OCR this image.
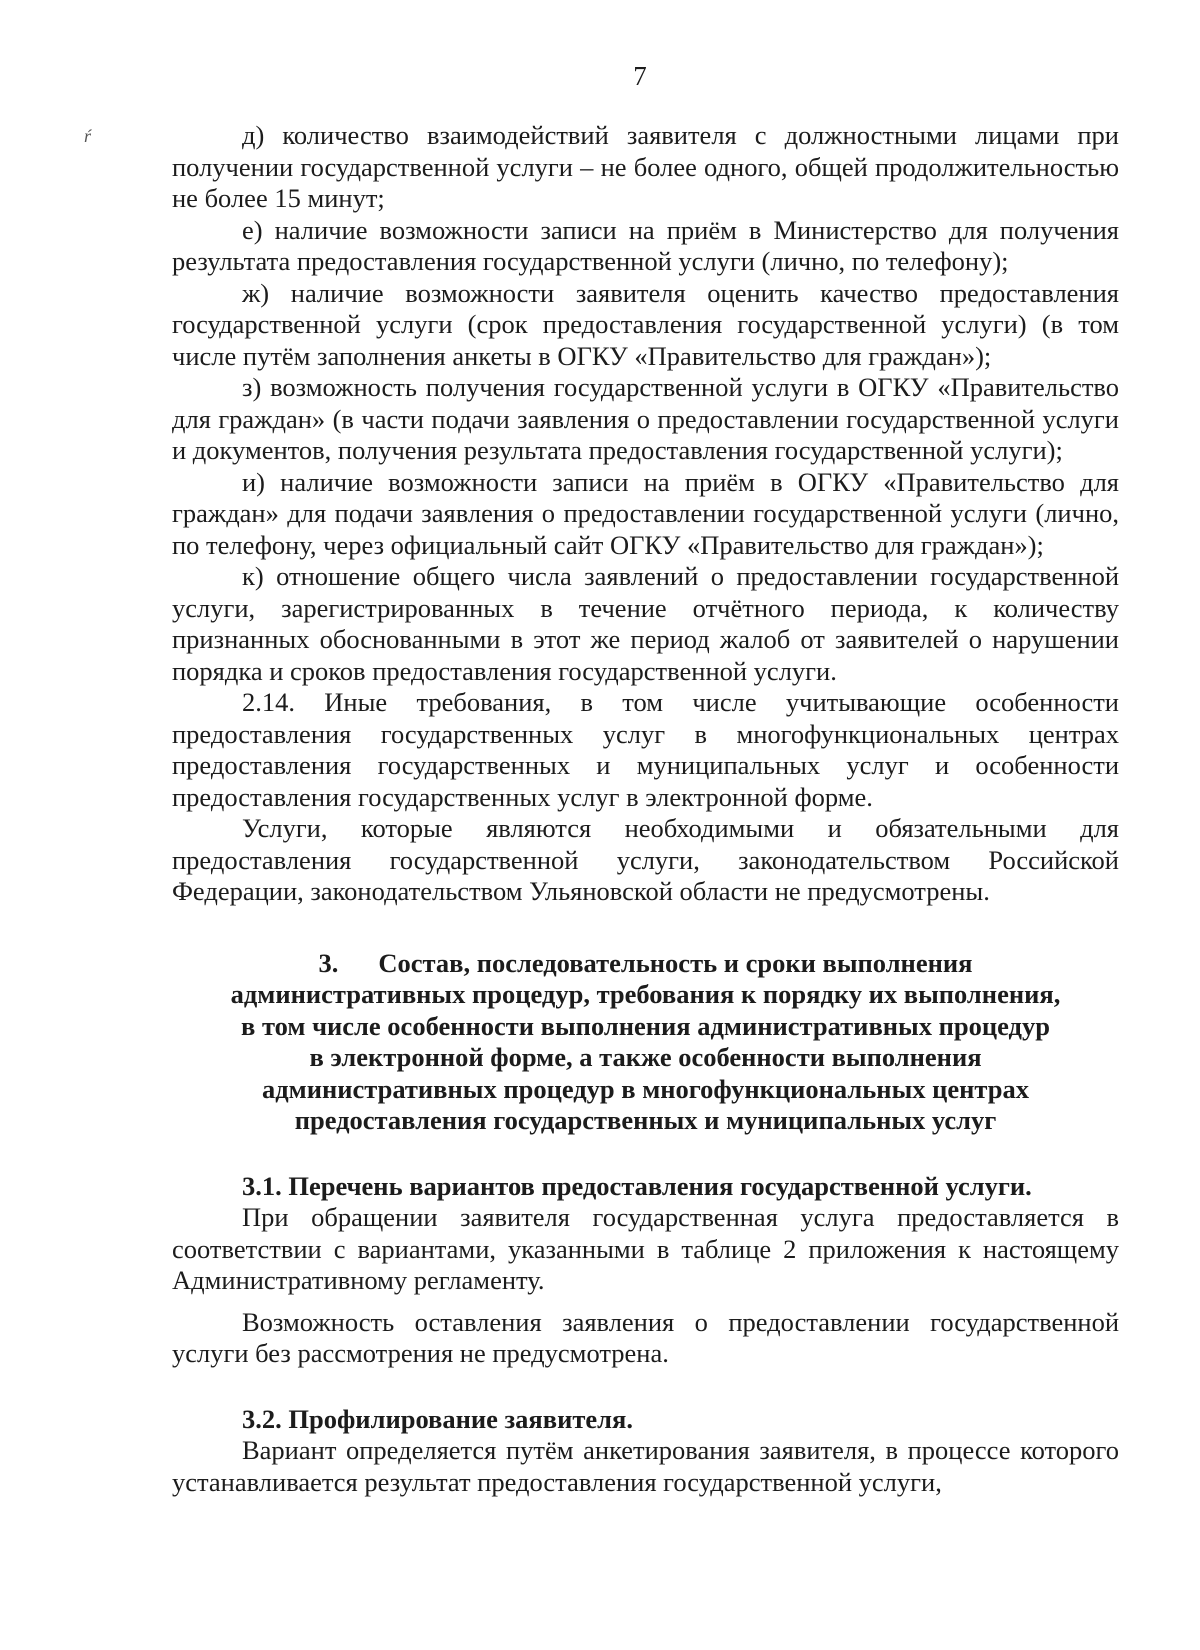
7
ŕ	д) количество взаимодействий заявителя с должностными лицами при получении государственной услуги – не более одного, общей продолжительностью не более 15 минут;

е) наличие возможности записи на приём в Министерство для получения результата предоставления государственной услуги (лично, по телефону);

ж) наличие возможности заявителя оценить качество предоставления государственной услуги (срок предоставления государственной услуги) (в том числе путём заполнения анкеты в ОГКУ «Правительство для граждан»);

з) возможность получения государственной услуги в ОГКУ «Правительство для граждан» (в части подачи заявления о предоставлении государственной услуги и документов, получения результата предоставления государственной услуги);

и) наличие возможности записи на приём в ОГКУ «Правительство для граждан» для подачи заявления о предоставлении государственной услуги (лично, по телефону, через официальный сайт ОГКУ «Правительство для граждан»);

к) отношение общего числа заявлений о предоставлении государственной услуги, зарегистрированных в течение отчётного периода, к количеству признанных обоснованными в этот же период жалоб от заявителей о нарушении порядка и сроков предоставления государственной услуги.

2.14. Иные требования, в том числе учитывающие особенности предоставления государственных услуг в многофункциональных центрах предоставления государственных и муниципальных услуг и особенности предоставления государственных услуг в электронной форме.

Услуги, которые являются необходимыми и обязательными для предоставления государственной услуги, законодательством Российской Федерации, законодательством Ульяновской области не предусмотрены.

3. Состав, последовательность и сроки выполнения
административных процедур, требования к порядку их выполнения,
в том числе особенности выполнения административных процедур
в электронной форме, а также особенности выполнения
административных процедур в многофункциональных центрах
предоставления государственных и муниципальных услуг

3.1. Перечень вариантов предоставления государственной услуги.

При обращении заявителя государственная услуга предоставляется в соответствии с вариантами, указанными в таблице 2 приложения к настоящему Административному регламенту.

Возможность оставления заявления о предоставлении государственной услуги без рассмотрения не предусмотрена.

3.2. Профилирование заявителя.

Вариант определяется путём анкетирования заявителя, в процессе которого устанавливается результат предоставления государственной услуги,
